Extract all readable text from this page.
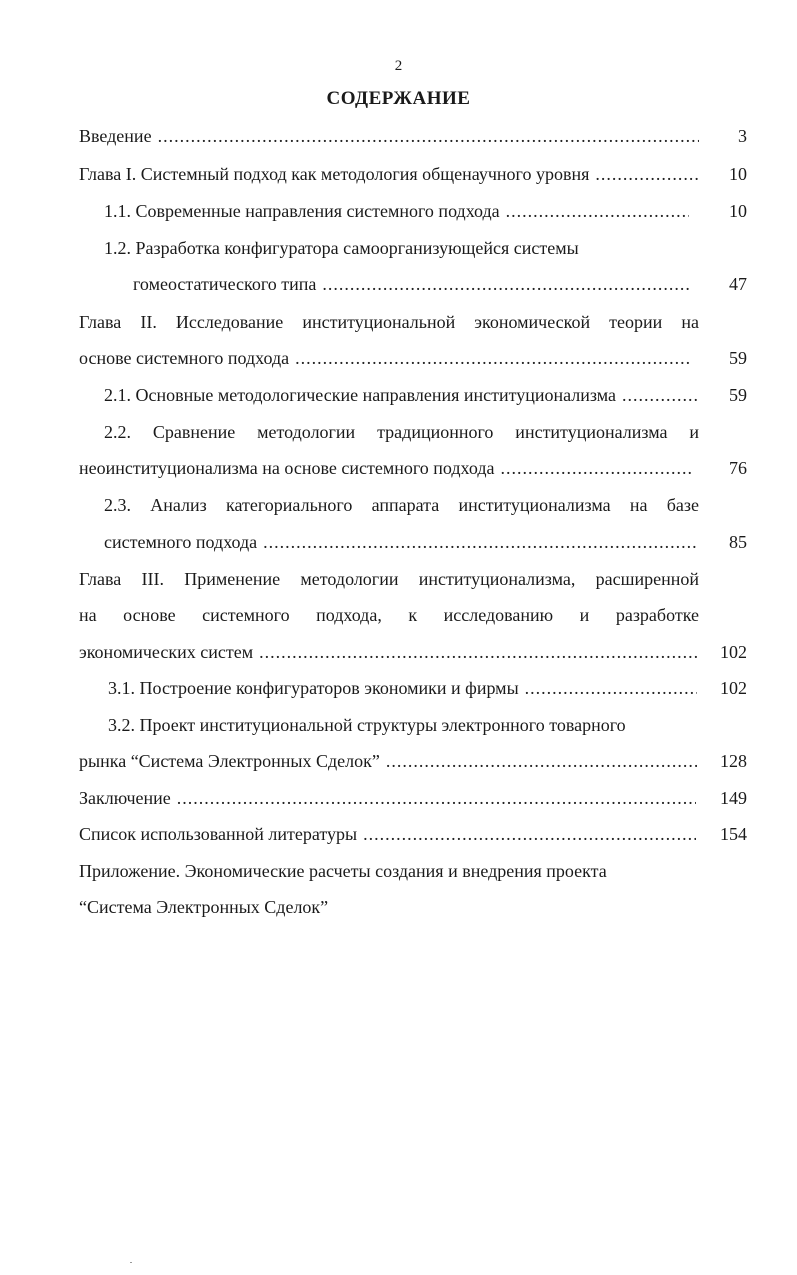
2
СОДЕРЖАНИЕ
Введение .....	3
Глава I. Системный подход как методология общенаучного уровня .....	10
1.1. Современные направления системного подхода .....	10
1.2. Разработка конфигуратора самоорганизующейся системы
гомеостатического типа .....	47
Глава II. Исследование институциональной экономической теории на
основе системного подхода .....	59
2.1. Основные методологические направления институционализма .....	59
2.2. Сравнение методологии традиционного институционализма и
неоинституционализма на основе системного подхода .....	76
2.3. Анализ категориального аппарата институционализма на базе
системного подхода .....	85
Глава III. Применение методологии институционализма, расширенной
на основе системного подхода, к исследованию и разработке
экономических систем .....	102
3.1. Построение конфигураторов экономики и фирмы .....	102
3.2. Проект институциональной структуры электронного товарного
рынка “Система Электронных Сделок” .....	128
Заключение .....	149
Список использованной литературы .....	154
Приложение. Экономические расчеты создания и внедрения проекта
“Система Электронных Сделок”
